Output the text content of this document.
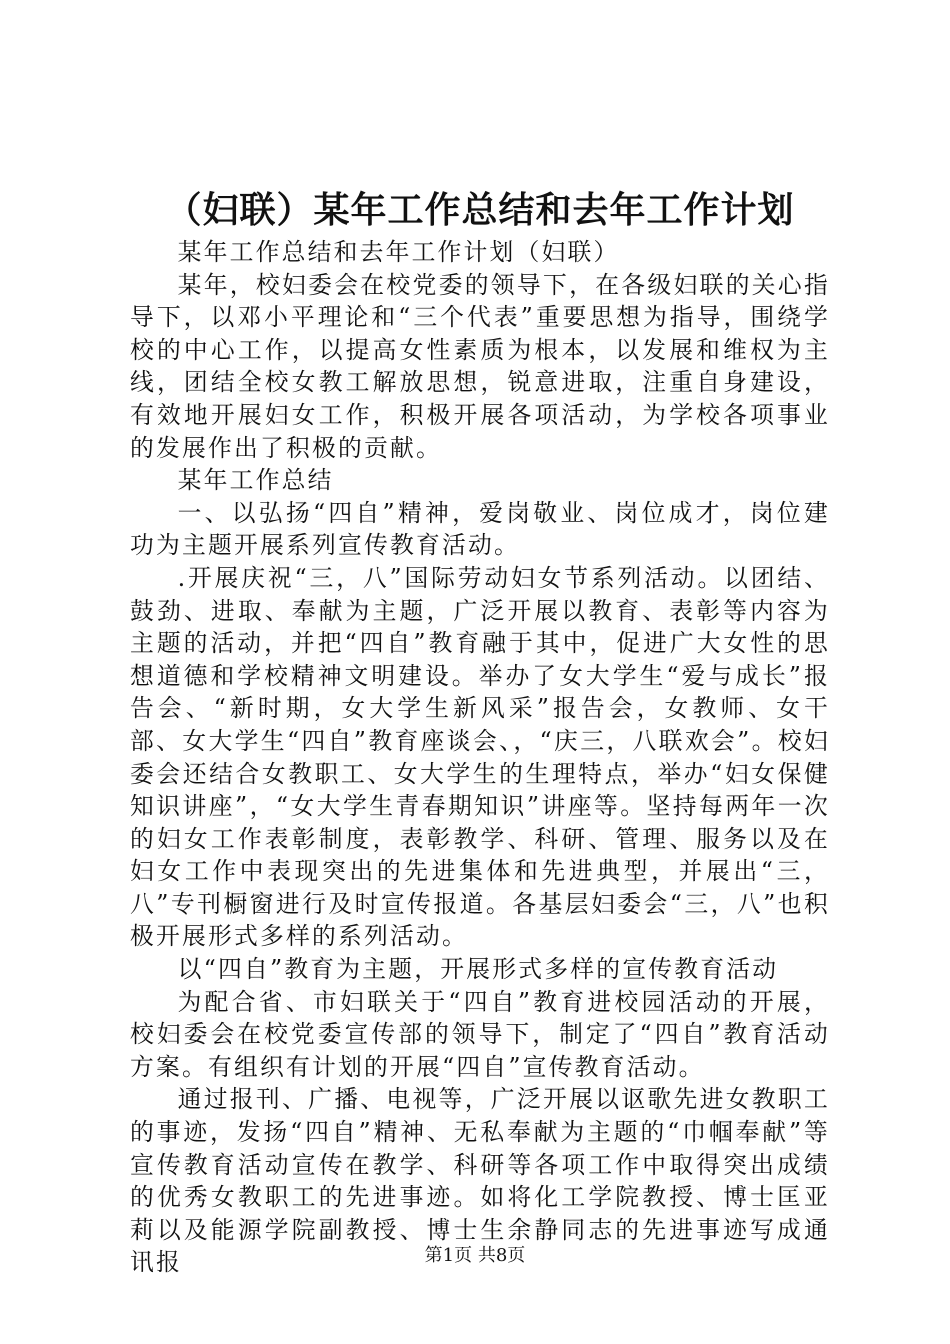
（妇联）某年工作总结和去年工作计划

某年工作总结和去年工作计划（妇联）

某年，校妇委会在校党委的领导下，在各级妇联的关心指导下，以邓小平理论和“三个代表”重要思想为指导，围绕学校的中心工作，以提高女性素质为根本，以发展和维权为主线，团结全校女教工解放思想，锐意进取，注重自身建设，有效地开展妇女工作，积极开展各项活动，为学校各项事业的发展作出了积极的贡献。

某年工作总结

一、以弘扬“四自”精神，爱岗敬业、岗位成才，岗位建功为主题开展系列宣传教育活动。

.开展庆祝“三，八”国际劳动妇女节系列活动。以团结、鼓劲、进取、奉献为主题，广泛开展以教育、表彰等内容为主题的活动，并把“四自”教育融于其中，促进广大女性的思想道德和学校精神文明建设。举办了女大学生“爱与成长”报告会、“新时期，女大学生新风采”报告会，女教师、女干部、女大学生“四自”教育座谈会、，“庆三，八联欢会”。校妇委会还结合女教职工、女大学生的生理特点，举办“妇女保健知识讲座”，“女大学生青春期知识”讲座等。坚持每两年一次的妇女工作表彰制度，表彰教学、科研、管理、服务以及在妇女工作中表现突出的先进集体和先进典型，并展出“三，八”专刊橱窗进行及时宣传报道。各基层妇委会“三，八”也积极开展形式多样的系列活动。

以“四自”教育为主题，开展形式多样的宣传教育活动

为配合省、市妇联关于“四自”教育进校园活动的开展，校妇委会在校党委宣传部的领导下，制定了“四自”教育活动方案。有组织有计划的开展“四自”宣传教育活动。

通过报刊、广播、电视等，广泛开展以讴歌先进女教职工的事迹，发扬“四自”精神、无私奉献为主题的“巾帼奉献”等宣传教育活动宣传在教学、科研等各项工作中取得突出成绩的优秀女教职工的先进事迹。如将化工学院教授、博士匡亚莉以及能源学院副教授、博士生余静同志的先进事迹写成通讯报	第1页 共8页
